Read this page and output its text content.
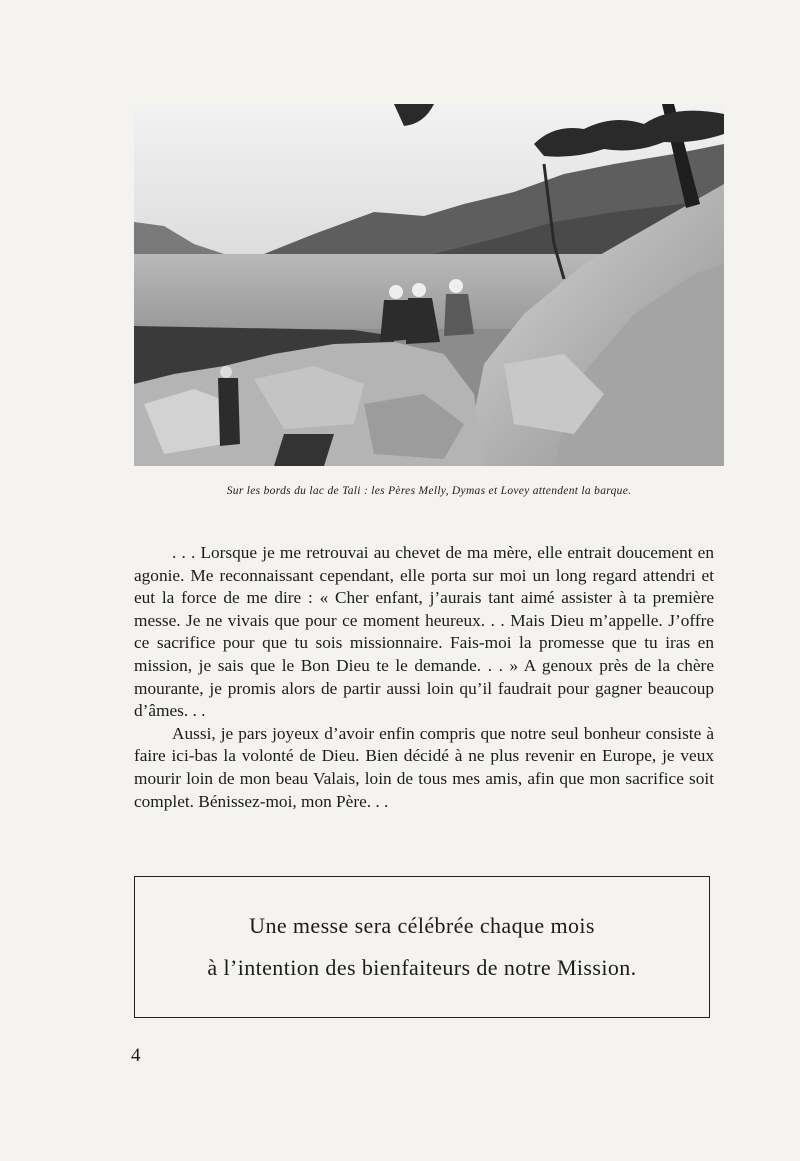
Sur les bords du lac de Tali : les Pères Melly, Dymas et Lovey attendent la barque.

. . . Lorsque je me retrouvai au chevet de ma mère, elle entrait doucement en agonie. Me reconnaissant cependant, elle porta sur moi un long regard attendri et eut la force de me dire : « Cher enfant, j’aurais tant aimé assister à ta première messe. Je ne vivais que pour ce moment heureux. . . Mais Dieu m’appelle. J’offre ce sacrifice pour que tu sois missionnaire. Fais-moi la promesse que tu iras en mission, je sais que le Bon Dieu te le demande. . . » A genoux près de la chère mourante, je promis alors de partir aussi loin qu’il faudrait pour gagner beaucoup d’âmes. . .

Aussi, je pars joyeux d’avoir enfin compris que notre seul bonheur consiste à faire ici-bas la volonté de Dieu. Bien décidé à ne plus revenir en Europe, je veux mourir loin de mon beau Valais, loin de tous mes amis, afin que mon sacrifice soit complet. Bénissez-moi, mon Père. . .

Une messe sera célébrée chaque mois
à l’intention des bienfaiteurs de notre Mission.
4
